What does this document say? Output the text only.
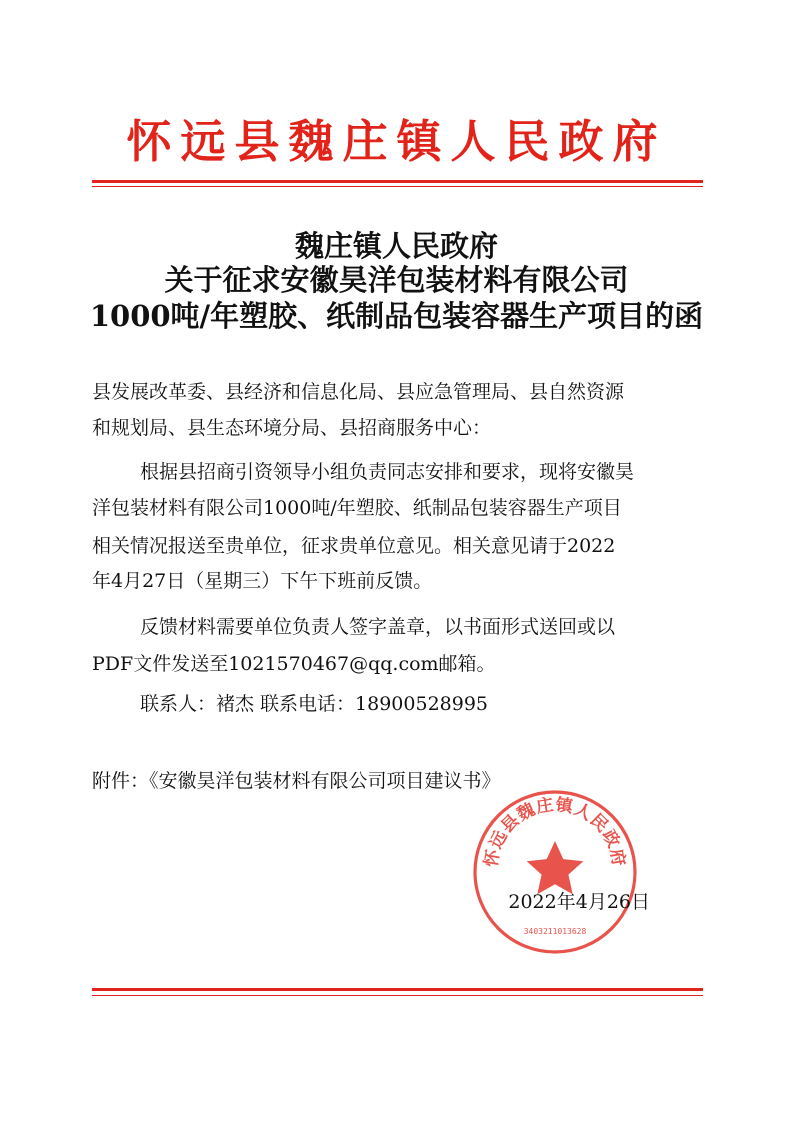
怀远县魏庄镇人民政府
魏庄镇人民政府
关于征求安徽昊洋包装材料有限公司
1000吨/年塑胶、纸制品包装容器生产项目的函
县发展改革委、县经济和信息化局、县应急管理局、县自然资源
和规划局、县生态环境分局、县招商服务中心：
根据县招商引资领导小组负责同志安排和要求，现将安徽昊
洋包装材料有限公司1000吨/年塑胶、纸制品包装容器生产项目
相关情况报送至贵单位，征求贵单位意见。相关意见请于2022
年4月27日（星期三）下午下班前反馈。
反馈材料需要单位负责人签字盖章，以书面形式送回或以
PDF文件发送至1021570467@qq.com邮箱。
联系人：褚杰 联系电话：18900528995
附件：《安徽昊洋包装材料有限公司项目建议书》
怀远县魏庄镇人民政府
3403211013628
2022年4月26日
